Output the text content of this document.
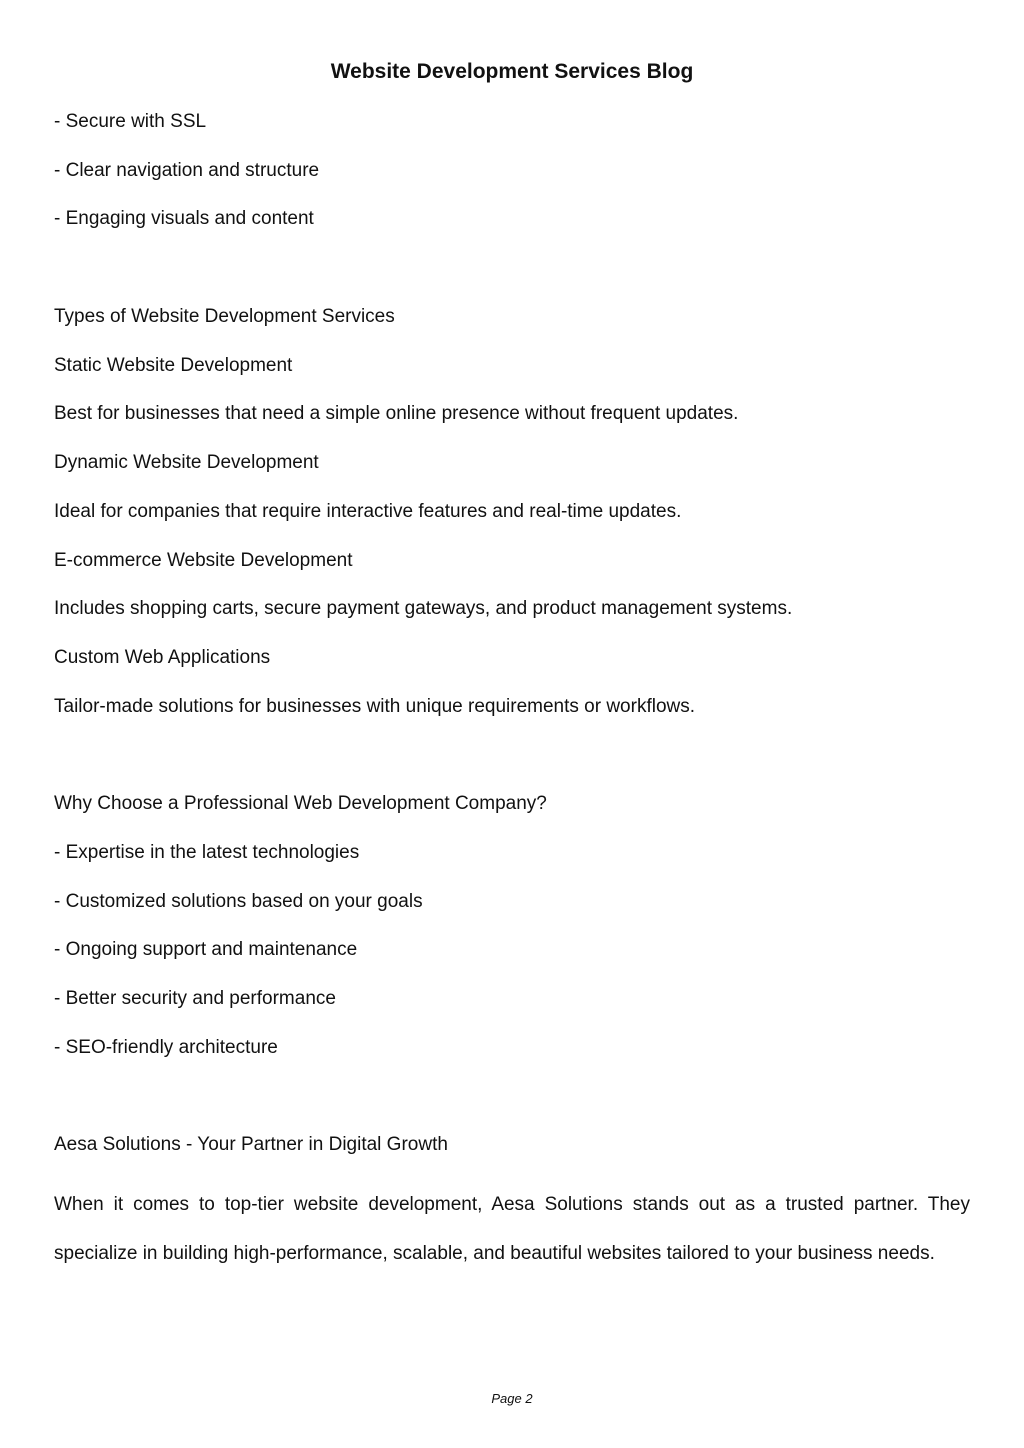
Website Development Services Blog

- Secure with SSL

- Clear navigation and structure

- Engaging visuals and content

Types of Website Development Services

Static Website Development

Best for businesses that need a simple online presence without frequent updates.

Dynamic Website Development

Ideal for companies that require interactive features and real-time updates.

E-commerce Website Development

Includes shopping carts, secure payment gateways, and product management systems.

Custom Web Applications

Tailor-made solutions for businesses with unique requirements or workflows.

Why Choose a Professional Web Development Company?

- Expertise in the latest technologies

- Customized solutions based on your goals

- Ongoing support and maintenance

- Better security and performance

- SEO-friendly architecture

Aesa Solutions - Your Partner in Digital Growth

When it comes to top-tier website development, Aesa Solutions stands out as a trusted partner. They specialize in building high-performance, scalable, and beautiful websites tailored to your business needs.

Page 2
